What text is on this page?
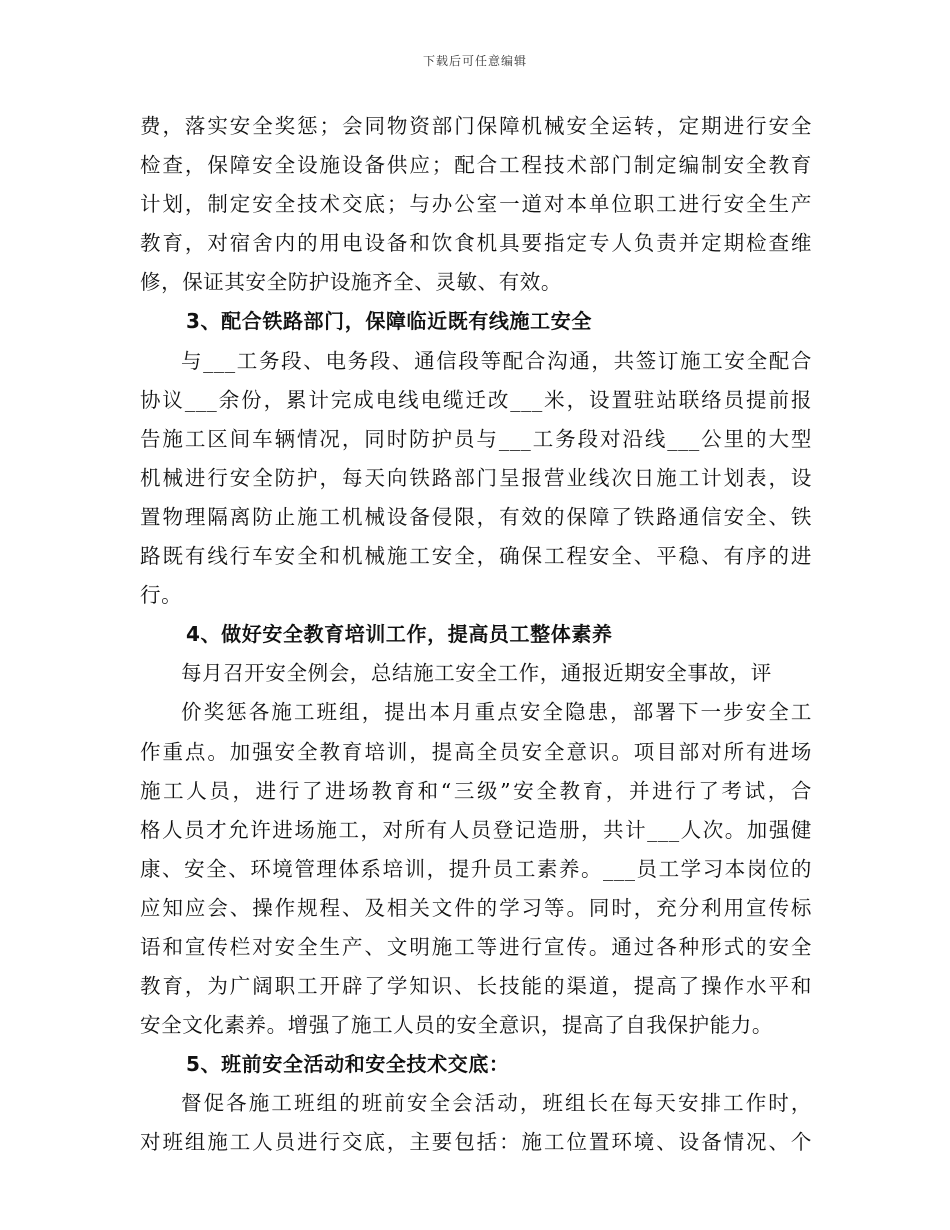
下载后可任意编辑
费，落实安全奖惩；会同物资部门保障机械安全运转，定期进行安全
检查，保障安全设施设备供应；配合工程技术部门制定编制安全教育
计划，制定安全技术交底；与办公室一道对本单位职工进行安全生产
教育，对宿舍内的用电设备和饮食机具要指定专人负责并定期检查维
修，保证其安全防护设施齐全、灵敏、有效。
3、配合铁路部门，保障临近既有线施工安全
与___工务段、电务段、通信段等配合沟通，共签订施工安全配合
协议___余份，累计完成电线电缆迁改___米，设置驻站联络员提前报
告施工区间车辆情况，同时防护员与___工务段对沿线___公里的大型
机械进行安全防护，每天向铁路部门呈报营业线次日施工计划表，设
置物理隔离防止施工机械设备侵限，有效的保障了铁路通信安全、铁
路既有线行车安全和机械施工安全，确保工程安全、平稳、有序的进
行。
4、做好安全教育培训工作，提高员工整体素养
每月召开安全例会，总结施工安全工作，通报近期安全事故，评
价奖惩各施工班组，提出本月重点安全隐患，部署下一步安全工
作重点。加强安全教育培训，提高全员安全意识。项目部对所有进场
施工人员，进行了进场教育和“三级”安全教育，并进行了考试，合
格人员才允许进场施工，对所有人员登记造册，共计___人次。加强健
康、安全、环境管理体系培训，提升员工素养。___员工学习本岗位的
应知应会、操作规程、及相关文件的学习等。同时，充分利用宣传标
语和宣传栏对安全生产、文明施工等进行宣传。通过各种形式的安全
教育，为广阔职工开辟了学知识、长技能的渠道，提高了操作水平和
安全文化素养。增强了施工人员的安全意识，提高了自我保护能力。
5、班前安全活动和安全技术交底：
督促各施工班组的班前安全会活动，班组长在每天安排工作时，
对班组施工人员进行交底，主要包括：施工位置环境、设备情况、个
